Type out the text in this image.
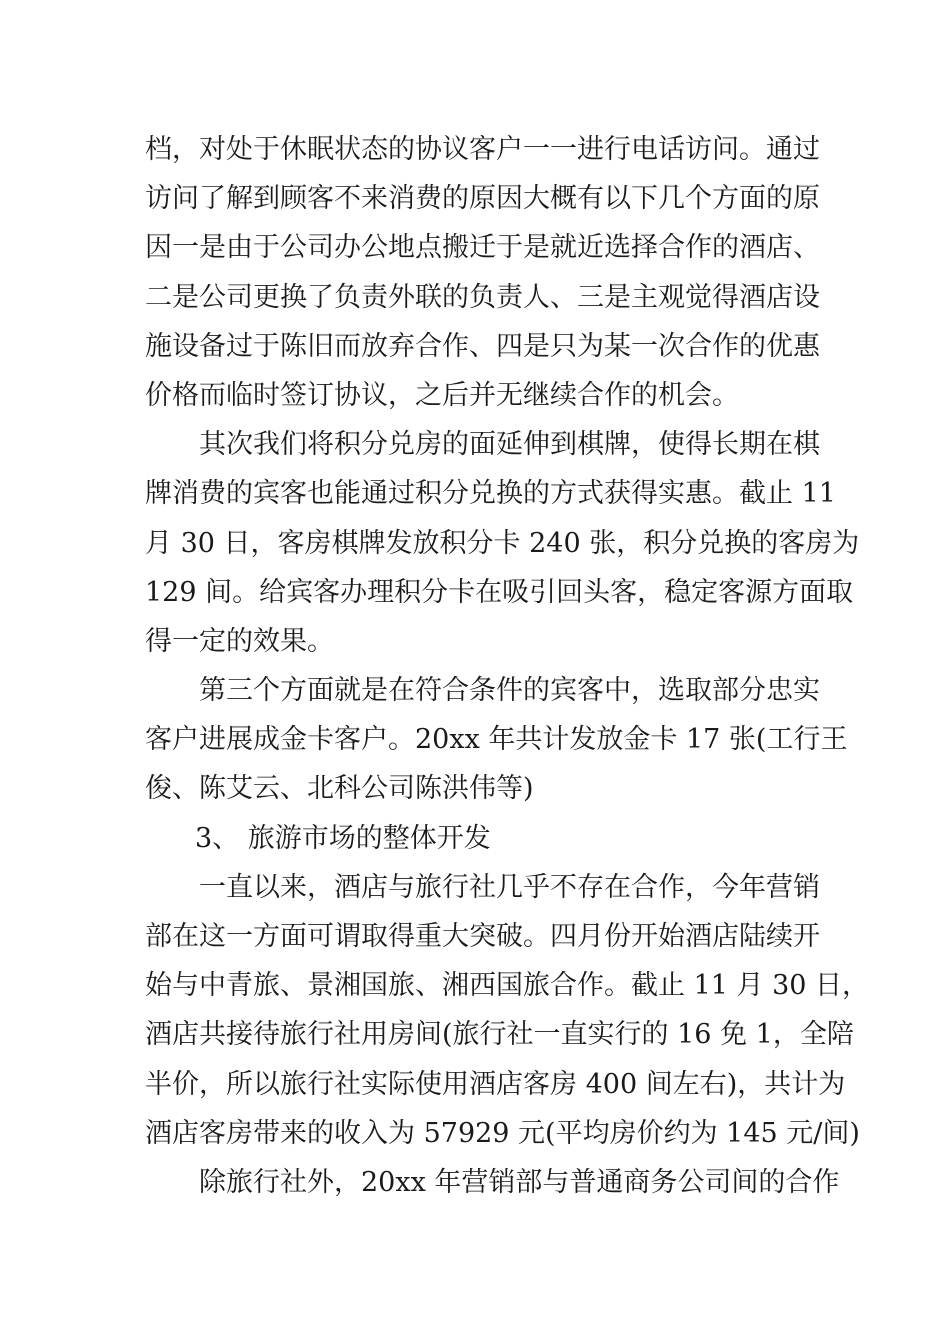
档，对处于休眠状态的协议客户一一进行电话访问。通过
访问了解到顾客不来消费的原因大概有以下几个方面的原
因一是由于公司办公地点搬迁于是就近选择合作的酒店、
二是公司更换了负责外联的负责人、三是主观觉得酒店设
施设备过于陈旧而放弃合作、四是只为某一次合作的优惠
价格而临时签订协议，之后并无继续合作的机会。
其次我们将积分兑房的面延伸到棋牌，使得长期在棋
牌消费的宾客也能通过积分兑换的方式获得实惠。截止 11
月 30 日，客房棋牌发放积分卡 240 张，积分兑换的客房为
129 间。给宾客办理积分卡在吸引回头客，稳定客源方面取
得一定的效果。
第三个方面就是在符合条件的宾客中，选取部分忠实
客户进展成金卡客户。20xx 年共计发放金卡 17 张(工行王
俊、陈艾云、北科公司陈洪伟等)
3、 旅游市场的整体开发
一直以来，酒店与旅行社几乎不存在合作，今年营销
部在这一方面可谓取得重大突破。四月份开始酒店陆续开
始与中青旅、景湘国旅、湘西国旅合作。截止 11 月 30 日，
酒店共接待旅行社用房间(旅行社一直实行的 16 免 1，全陪
半价，所以旅行社实际使用酒店客房 400 间左右)，共计为
酒店客房带来的收入为 57929 元(平均房价约为 145 元/间)
除旅行社外，20xx 年营销部与普通商务公司间的合作
